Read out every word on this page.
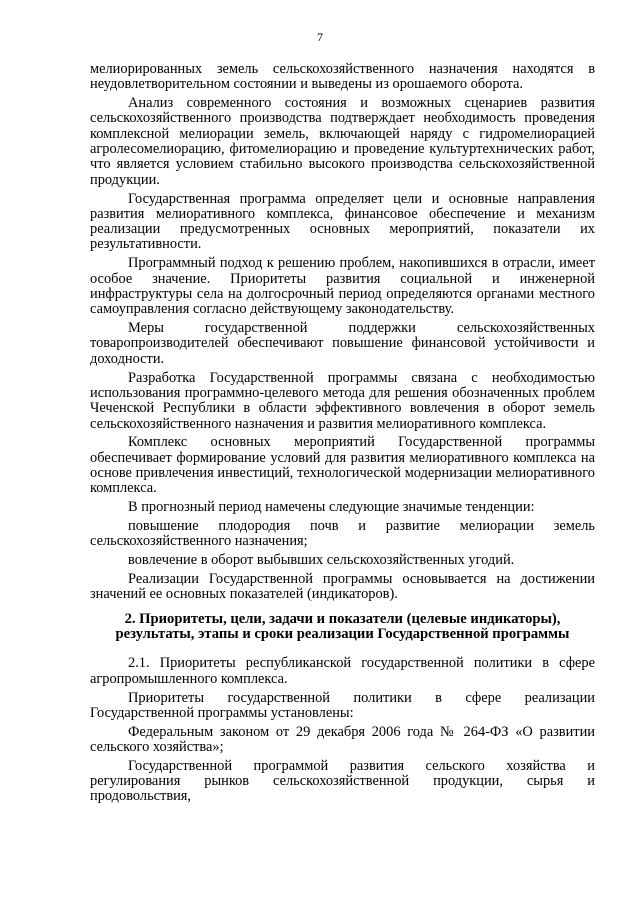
7

мелиорированных земель сельскохозяйственного назначения находятся в неудовлетворительном состоянии и выведены из орошаемого оборота.

Анализ современного состояния и возможных сценариев развития сельскохозяйственного производства подтверждает необходимость проведения комплексной мелиорации земель, включающей наряду с гидромелиорацией агролесомелиорацию, фитомелиорацию и проведение культуртехнических работ, что является условием стабильно высокого производства сельскохозяйственной продукции.

Государственная программа определяет цели и основные направления развития мелиоративного комплекса, финансовое обеспечение и механизм реализации предусмотренных основных мероприятий, показатели их результативности.

Программный подход к решению проблем, накопившихся в отрасли, имеет особое значение. Приоритеты развития социальной и инженерной инфраструктуры села на долгосрочный период определяются органами местного самоуправления согласно действующему законодательству.

Меры государственной поддержки сельскохозяйственных товаропроизводителей обеспечивают повышение финансовой устойчивости и доходности.

Разработка Государственной программы связана с необходимостью использования программно-целевого метода для решения обозначенных проблем Чеченской Республики в области эффективного вовлечения в оборот земель сельскохозяйственного назначения и развития мелиоративного комплекса.

Комплекс основных мероприятий Государственной программы обеспечивает формирование условий для развития мелиоративного комплекса на основе привлечения инвестиций, технологической модернизации мелиоративного комплекса.

В прогнозный период намечены следующие значимые тенденции:

повышение плодородия почв и развитие мелиорации земель сельскохозяйственного назначения;

вовлечение в оборот выбывших сельскохозяйственных угодий.

Реализации Государственной программы основывается на достижении значений ее основных показателей (индикаторов).

2. Приоритеты, цели, задачи и показатели (целевые индикаторы),
результаты, этапы и сроки реализации Государственной программы

2.1. Приоритеты республиканской государственной политики в сфере агропромышленного комплекса.

Приоритеты государственной политики в сфере реализации Государственной программы установлены:

Федеральным законом от 29 декабря 2006 года № 264-ФЗ «О развитии сельского хозяйства»;

Государственной программой развития сельского хозяйства и регулирования рынков сельскохозяйственной продукции, сырья и продовольствия,
